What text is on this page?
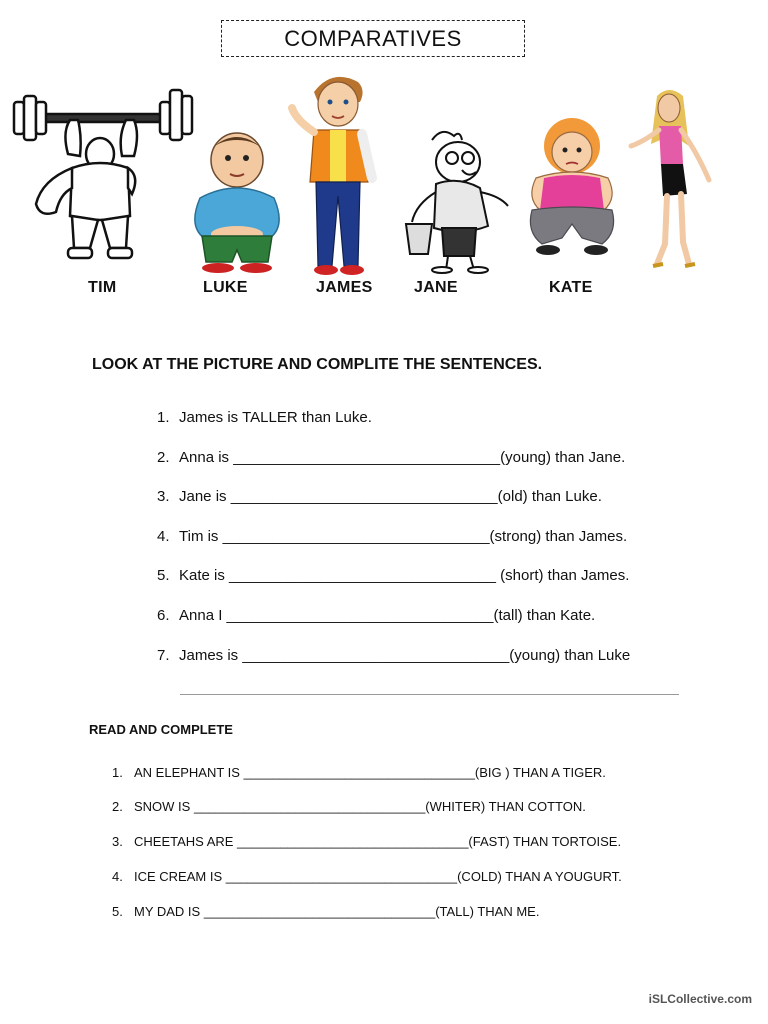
COMPARATIVES
TIM	LUKE	JAMES	JANE	KATE
LOOK AT THE PICTURE AND COMPLITE THE SENTENCES.
1. James is TALLER than Luke.
2. Anna is ________________________________(young) than Jane.
3. Jane is ________________________________(old) than Luke.
4. Tim is ________________________________(strong) than James.
5. Kate is ________________________________ (short) than James.
6. Anna I ________________________________(tall) than Kate.
7. James is ________________________________(young) than Luke
READ AND COMPLETE
1. AN ELEPHANT IS ________________________________(BIG ) THAN A TIGER.
2. SNOW IS ________________________________(WHITER) THAN COTTON.
3. CHEETAHS ARE ________________________________(FAST) THAN TORTOISE.
4. ICE CREAM IS ________________________________(COLD) THAN A YOUGURT.
5. MY DAD IS ________________________________(TALL) THAN ME.
iSLCollective.com
